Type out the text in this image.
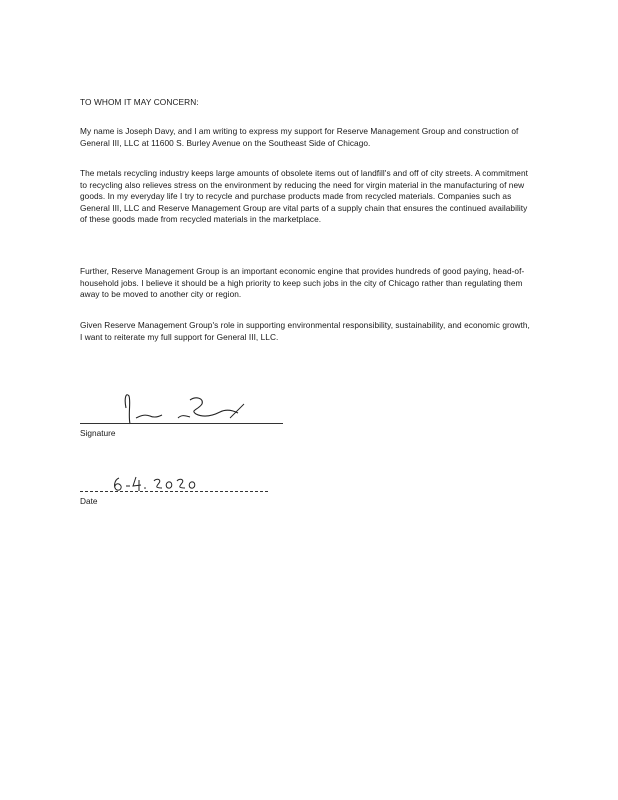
TO WHOM IT MAY CONCERN:

My name is Joseph Davy, and I am writing to express my support for Reserve Management Group and construction of General III, LLC at 11600 S. Burley Avenue on the Southeast Side of Chicago.

The metals recycling industry keeps large amounts of obsolete items out of landfill's and off of city streets. A commitment to recycling also relieves stress on the environment by reducing the need for virgin material in the manufacturing of new goods. In my everyday life I try to recycle and purchase products made from recycled materials. Companies such as General III, LLC and Reserve Management Group are vital parts of a supply chain that ensures the continued availability of these goods made from recycled materials in the marketplace.

Further, Reserve Management Group is an important economic engine that provides hundreds of good paying, head-of-household jobs. I believe it should be a high priority to keep such jobs in the city of Chicago rather than regulating them away to be moved to another city or region.

Given Reserve Management Group's role in supporting environmental responsibility, sustainability, and economic growth, I want to reiterate my full support for General III, LLC.

Signature
Date
